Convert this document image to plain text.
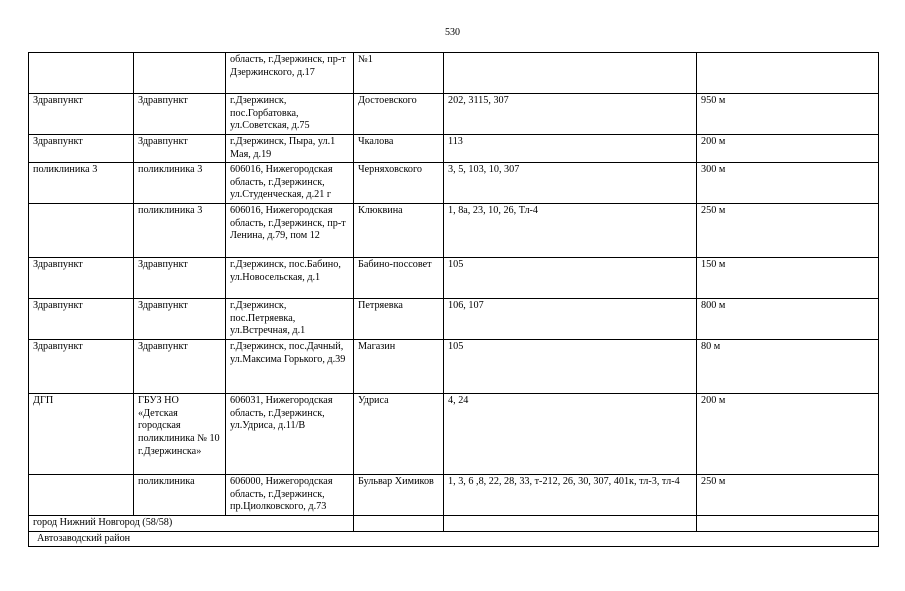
530
		область, г.Дзержинск, пр-т Дзержинского, д.17	№1		
Здравпункт	Здравпункт	г.Дзержинск, пос.Горбатовка, ул.Советская, д.75	Достоевского	202, 3115, 307	950 м
Здравпункт	Здравпункт	г.Дзержинск, Пыра, ул.1 Мая, д.19	Чкалова	113	200 м
поликлиника 3	поликлиника 3	606016, Нижегородская область, г.Дзержинск, ул.Студенческая, д.21 г	Черняховского	3, 5, 103, 10, 307	300 м
	поликлиника 3	606016, Нижегородская область, г.Дзержинск, пр-т Ленина, д.79, пом 12	Клюквина	1, 8а, 23, 10, 26, Тл-4	250 м
Здравпункт	Здравпункт	г.Дзержинск, пос.Бабино, ул.Новосельская, д.1	Бабино-поссовет	105	150 м
Здравпункт	Здравпункт	г.Дзержинск, пос.Петряевка, ул.Встречная, д.1	Петряевка	106, 107	800 м
Здравпункт	Здравпункт	г.Дзержинск, пос.Дачный, ул.Максима Горького, д.39	Магазин	105	80 м
ДГП	ГБУЗ НО «Детская городская поликлиника № 10 г.Дзержинска»	606031, Нижегородская область, г.Дзержинск, ул.Удриса, д.11/В	Удриса	4, 24	200 м
	поликлиника	606000, Нижегородская область, г.Дзержинск, пр.Циолковского, д.73	Бульвар Химиков	1, 3, 6 ,8, 22, 28, 33, т-212, 26, 30, 307, 401к, тл-3, тл-4	250 м
город Нижний Новгород (58/58)					
Автозаводский район					
